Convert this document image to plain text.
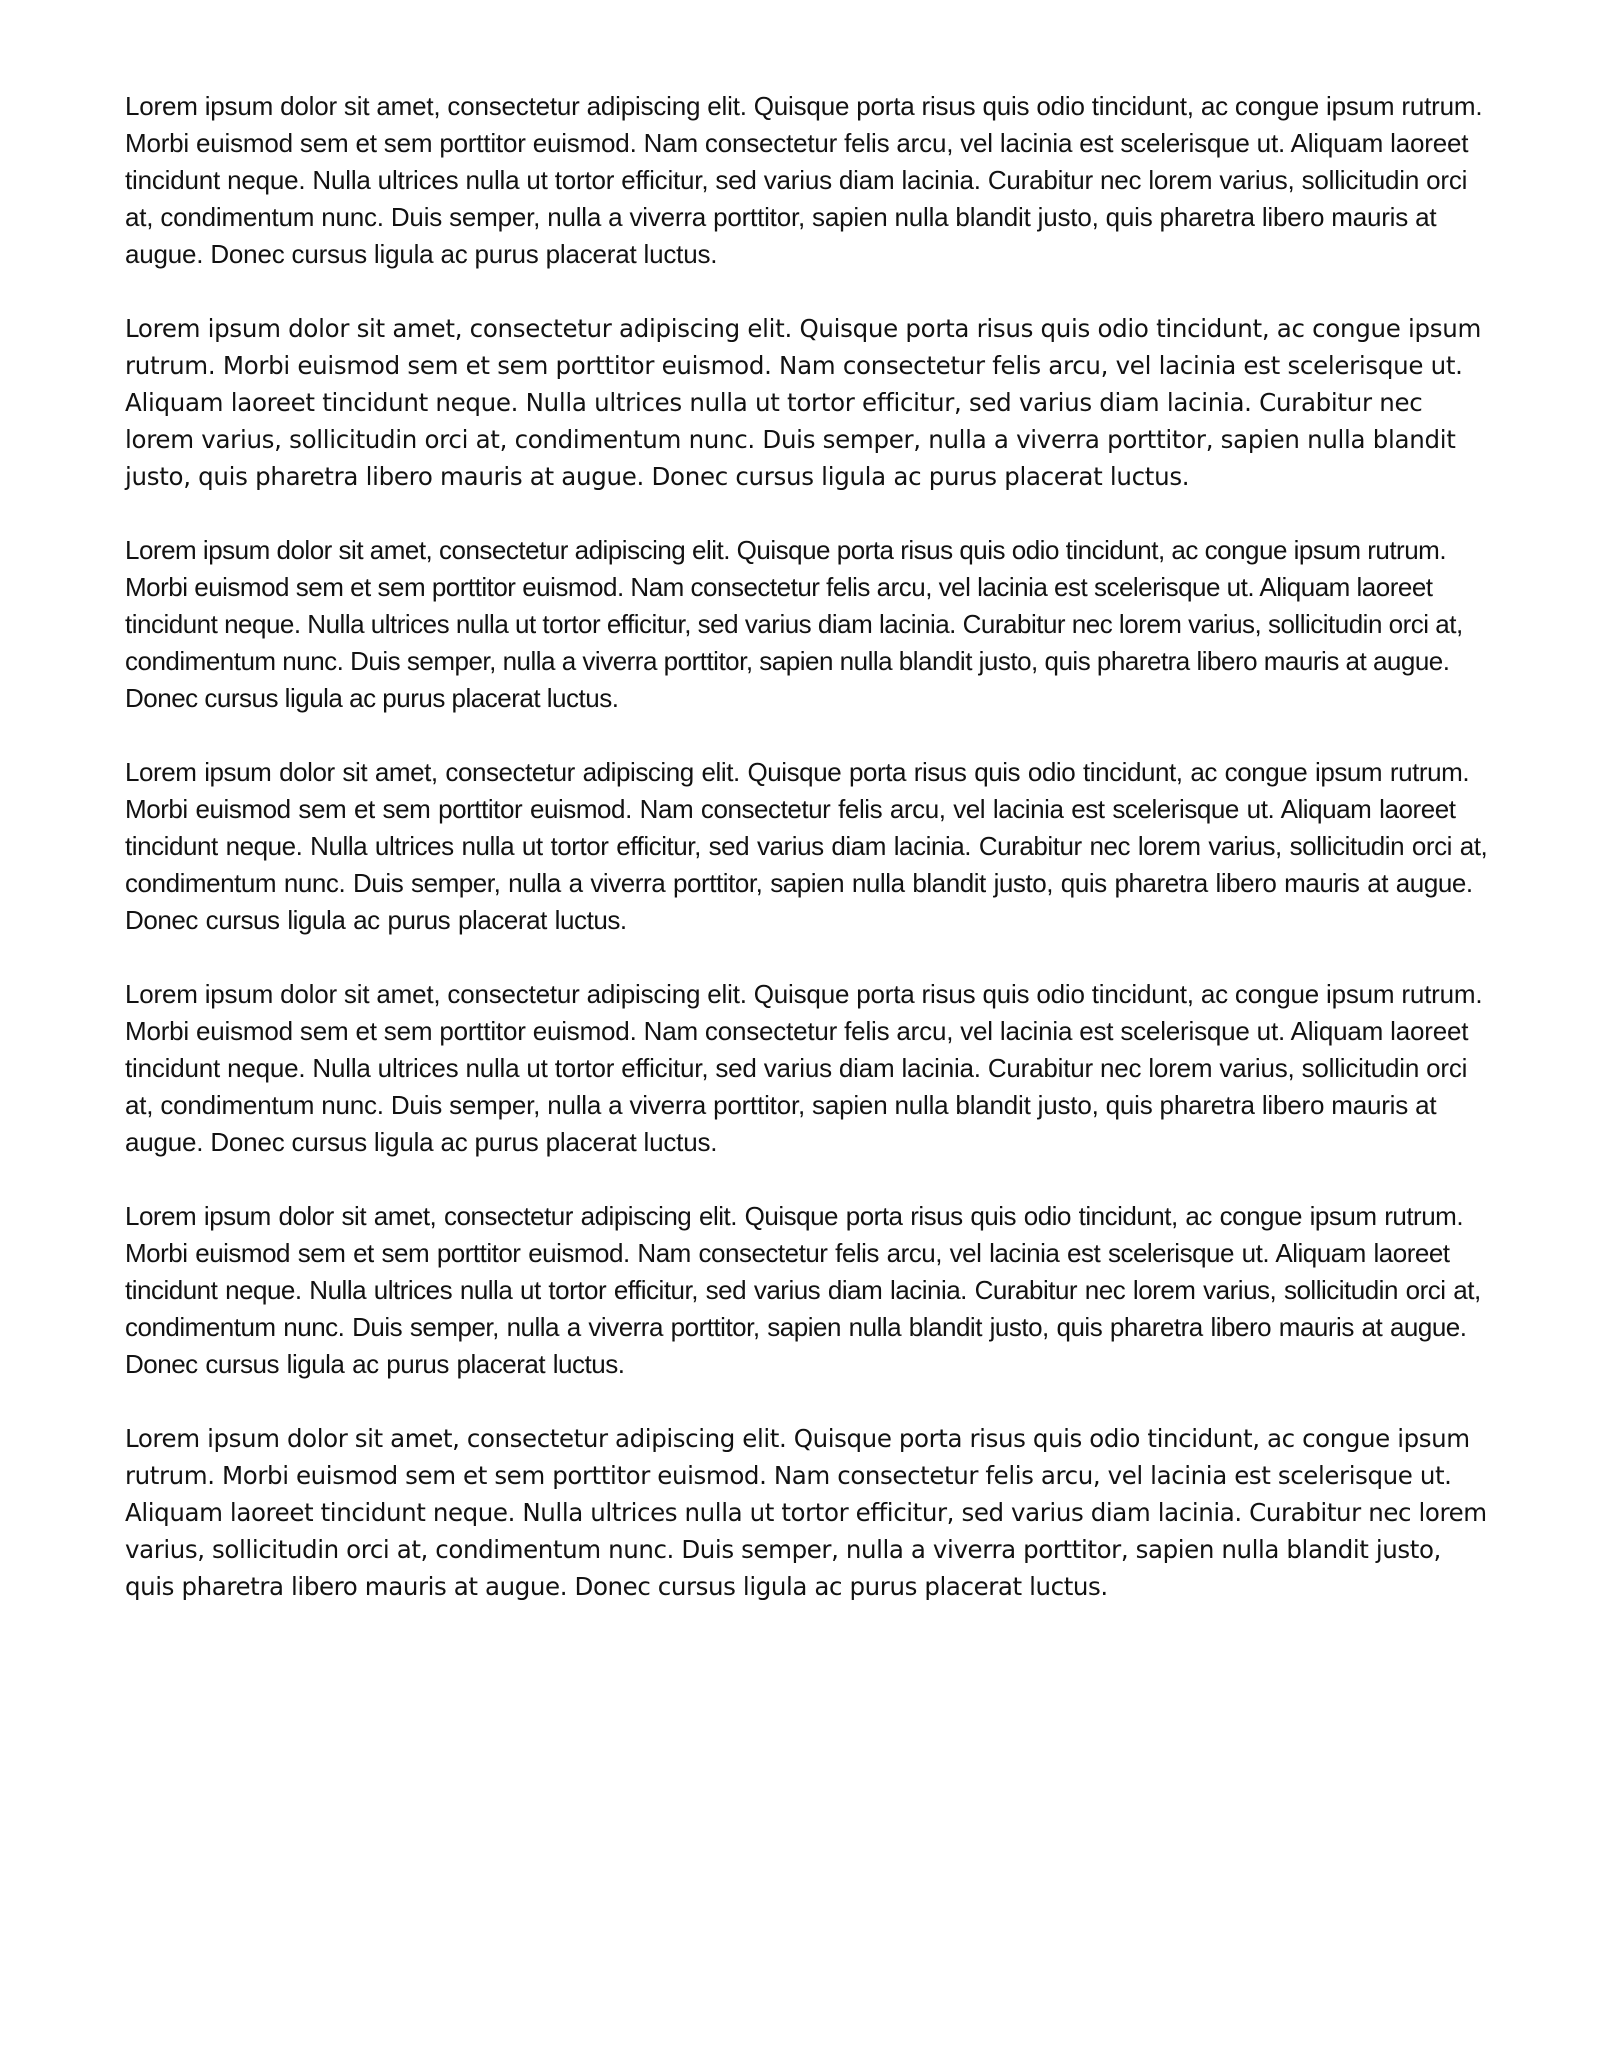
Lorem ipsum dolor sit amet, consectetur adipiscing elit. Quisque porta risus quis odio tincidunt, ac congue ipsum rutrum. Morbi euismod sem et sem porttitor euismod. Nam consectetur felis arcu, vel lacinia est scelerisque ut. Aliquam laoreet tincidunt neque. Nulla ultrices nulla ut tortor efficitur, sed varius diam lacinia. Curabitur nec lorem varius, sollicitudin orci at, condimentum nunc. Duis semper, nulla a viverra porttitor, sapien nulla blandit justo, quis pharetra libero mauris at augue. Donec cursus ligula ac purus placerat luctus.

Lorem ipsum dolor sit amet, consectetur adipiscing elit. Quisque porta risus quis odio tincidunt, ac congue ipsum rutrum. Morbi euismod sem et sem porttitor euismod. Nam consectetur felis arcu, vel lacinia est scelerisque ut. Aliquam laoreet tincidunt neque. Nulla ultrices nulla ut tortor efficitur, sed varius diam lacinia. Curabitur nec lorem varius, sollicitudin orci at, condimentum nunc. Duis semper, nulla a viverra porttitor, sapien nulla blandit justo, quis pharetra libero mauris at augue. Donec cursus ligula ac purus placerat luctus.

Lorem ipsum dolor sit amet, consectetur adipiscing elit. Quisque porta risus quis odio tincidunt, ac congue ipsum rutrum. Morbi euismod sem et sem porttitor euismod. Nam consectetur felis arcu, vel lacinia est scelerisque ut. Aliquam laoreet tincidunt neque. Nulla ultrices nulla ut tortor efficitur, sed varius diam lacinia. Curabitur nec lorem varius, sollicitudin orci at, condimentum nunc. Duis semper, nulla a viverra porttitor, sapien nulla blandit justo, quis pharetra libero mauris at augue. Donec cursus ligula ac purus placerat luctus.

Lorem ipsum dolor sit amet, consectetur adipiscing elit. Quisque porta risus quis odio tincidunt, ac congue ipsum rutrum. Morbi euismod sem et sem porttitor euismod. Nam consectetur felis arcu, vel lacinia est scelerisque ut. Aliquam laoreet tincidunt neque. Nulla ultrices nulla ut tortor efficitur, sed varius diam lacinia. Curabitur nec lorem varius, sollicitudin orci at, condimentum nunc. Duis semper, nulla a viverra porttitor, sapien nulla blandit justo, quis pharetra libero mauris at augue. Donec cursus ligula ac purus placerat luctus.

Lorem ipsum dolor sit amet, consectetur adipiscing elit. Quisque porta risus quis odio tincidunt, ac congue ipsum rutrum. Morbi euismod sem et sem porttitor euismod. Nam consectetur felis arcu, vel lacinia est scelerisque ut. Aliquam laoreet tincidunt neque. Nulla ultrices nulla ut tortor efficitur, sed varius diam lacinia. Curabitur nec lorem varius, sollicitudin orci at, condimentum nunc. Duis semper, nulla a viverra porttitor, sapien nulla blandit justo, quis pharetra libero mauris at augue. Donec cursus ligula ac purus placerat luctus.

Lorem ipsum dolor sit amet, consectetur adipiscing elit. Quisque porta risus quis odio tincidunt, ac congue ipsum rutrum. Morbi euismod sem et sem porttitor euismod. Nam consectetur felis arcu, vel lacinia est scelerisque ut. Aliquam laoreet tincidunt neque. Nulla ultrices nulla ut tortor efficitur, sed varius diam lacinia. Curabitur nec lorem varius, sollicitudin orci at, condimentum nunc. Duis semper, nulla a viverra porttitor, sapien nulla blandit justo, quis pharetra libero mauris at augue. Donec cursus ligula ac purus placerat luctus.

Lorem ipsum dolor sit amet, consectetur adipiscing elit. Quisque porta risus quis odio tincidunt, ac congue ipsum rutrum. Morbi euismod sem et sem porttitor euismod. Nam consectetur felis arcu, vel lacinia est scelerisque ut. Aliquam laoreet tincidunt neque. Nulla ultrices nulla ut tortor efficitur, sed varius diam lacinia. Curabitur nec lorem varius, sollicitudin orci at, condimentum nunc. Duis semper, nulla a viverra porttitor, sapien nulla blandit justo, quis pharetra libero mauris at augue. Donec cursus ligula ac purus placerat luctus.
